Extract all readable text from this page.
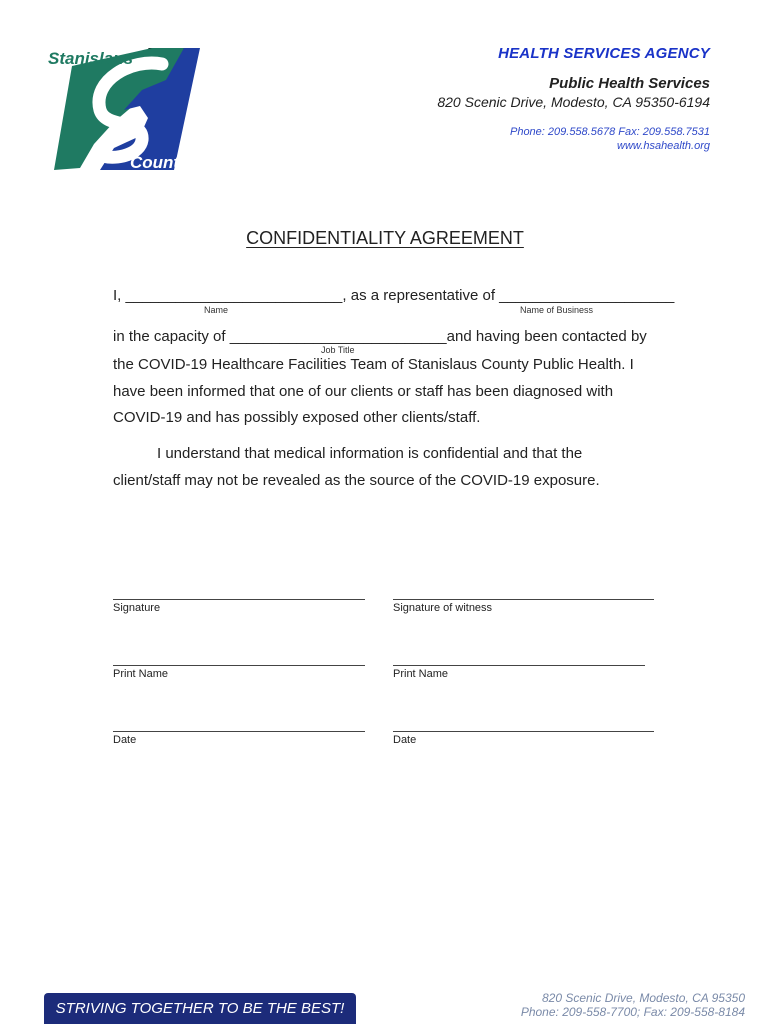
Stanislaus
County
HEALTH SERVICES AGENCY
Public Health Services
820 Scenic Drive, Modesto, CA 95350-6194
Phone: 209.558.5678 Fax: 209.558.7531
www.hsahealth.org
CONFIDENTIALITY AGREEMENT
I, __________________________, as a representative of _____________________
Name	Name of Business
in the capacity of __________________________and having been contacted by
Job Title
the COVID-19 Healthcare Facilities Team of Stanislaus County Public Health. I
have been informed that one of our clients or staff has been diagnosed with
COVID-19 and has possibly exposed other clients/staff.
I understand that medical information is confidential and that the
client/staff may not be revealed as the source of the COVID-19 exposure.
Signature	Signature of witness
Print Name	Print Name
Date	Date
STRIVING TOGETHER TO BE THE BEST!
820 Scenic Drive, Modesto, CA 95350
Phone: 209-558-7700; Fax: 209-558-8184
